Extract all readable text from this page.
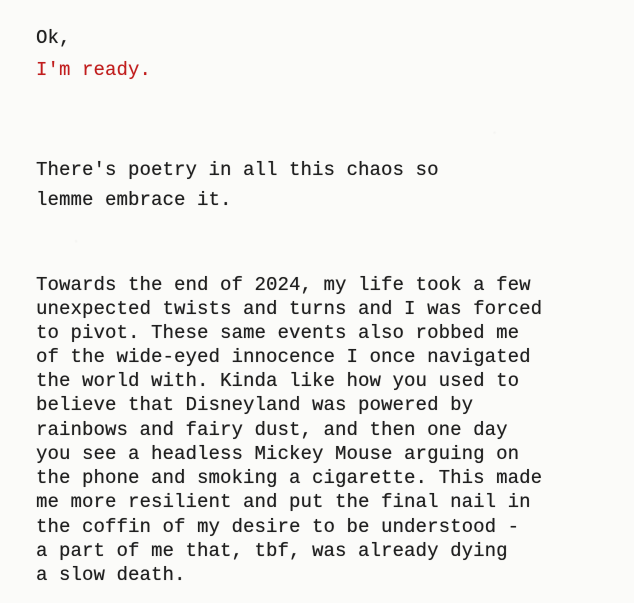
Ok,

I'm ready.

There's poetry in all this chaos so

lemme embrace it.

Towards the end of 2024, my life took a few

unexpected twists and turns and I was forced

to pivot. These same events also robbed me

of the wide-eyed innocence I once navigated

the world with. Kinda like how you used to

believe that Disneyland was powered by

rainbows and fairy dust, and then one day

you see a headless Mickey Mouse arguing on

the phone and smoking a cigarette. This made

me more resilient and put the final nail in

the coffin of my desire to be understood -

a part of me that, tbf, was already dying

a slow death.
